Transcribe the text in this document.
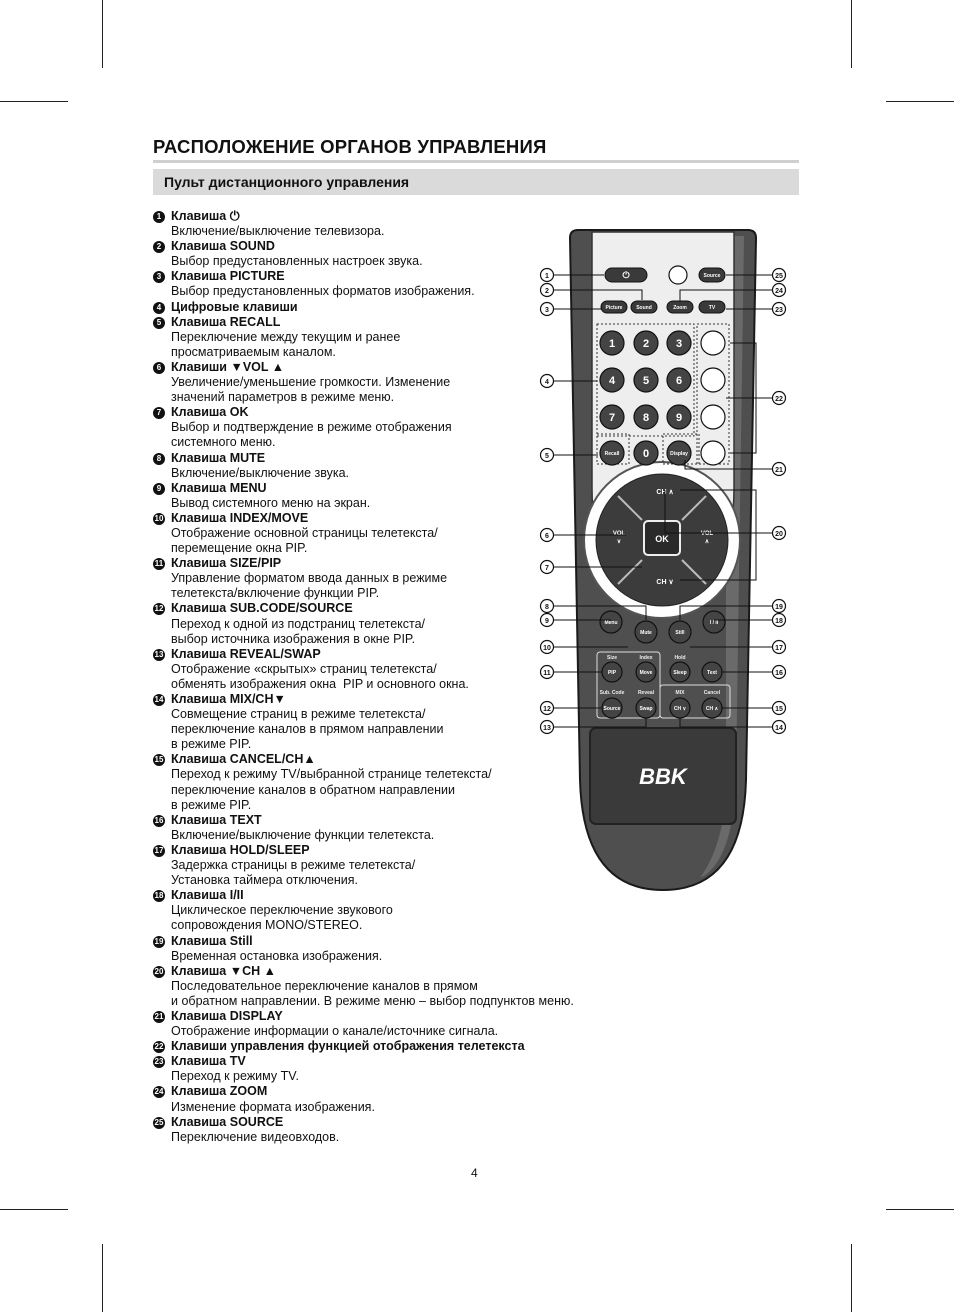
РАСПОЛОЖЕНИЕ ОРГАНОВ УПРАВЛЕНИЯ
Пульт дистанционного управления
1 Клавиша ⏻
Включение/выключение телевизора.
2 Клавиша SOUND
Выбор предустановленных настроек звука.
3 Клавиша PICTURE
Выбор предустановленных форматов изображения.
4 Цифровые клавиши
5 Клавиша RECALL
Переключение между текущим и ранее
просматриваемым каналом.
6 Клавиши ▼VOL ▲
Увеличение/уменьшение громкости. Изменение
значений параметров в режиме меню.
7 Клавиша OK
Выбор и подтверждение в режиме отображения
системного меню.
8 Клавиша MUTE
Включение/выключение звука.
9 Клавиша MENU
Вывод системного меню на экран.
10 Клавиша INDEX/MOVE
Отображение основной страницы телетекста/
перемещение окна PIP.
11 Клавиша SIZE/PIP
Управление форматом ввода данных в режиме
телетекста/включение функции PIP.
12 Клавиша SUB.CODE/SOURCE
Переход к одной из подстраниц телетекста/
выбор источника изображения в окне PIP.
13 Клавиша REVEAL/SWAP
Отображение «скрытых» страниц телетекста/
обменять изображения окна  PIP и основного окна.
14 Клавиша MIX/CH▼
Совмещение страниц в режиме телетекста/
переключение каналов в прямом направлении
в режиме PIP.
15 Клавиша CANCEL/CH▲
Переход к режиму TV/выбранной странице телетекста/
переключение каналов в обратном направлении
в режиме PIP.
16 Клавиша TEXT
Включение/выключение функции телетекста.
17 Клавиша HOLD/SLEEP
Задержка страницы в режиме телетекста/
Установка таймера отключения.
18 Клавиша I/II
Циклическое переключение звукового
сопровождения MONO/STEREO.
19 Клавиша Still
Временная остановка изображения.
20 Клавиша ▼CH ▲
Последовательное переключение каналов в прямом
и обратном направлении. В режиме меню – выбор подпунктов меню.
21 Клавиша DISPLAY
Отображение информации о канале/источнике сигнала.
22 Клавиши управления функцией отображения телетекста
23 Клавиша TV
Переход к режиму TV.
24 Клавиша ZOOM
Изменение формата изображения.
25 Клавиша SOURCE
Переключение видеовходов.
⏻	Source
Picture	Sound	Zoom	TV
1	2 3
4	5 6
7	8 9
Recall 0	Display
CH ∧
CH ∨
VOL ∨
VOL ∧
OK
Menu
Mute	Still
I / II
Size	Index	Hold
PIP	Move	Sleep	Text
Sub. Code	Reveal	MIX	Cancel
Source	Swap	CH ∨	CH ∧
BBK
1
2
3
4
5
6
7
8
9
10
11
12
13
25
24
23
22
21
20
19
18
17
16
15
14
4
